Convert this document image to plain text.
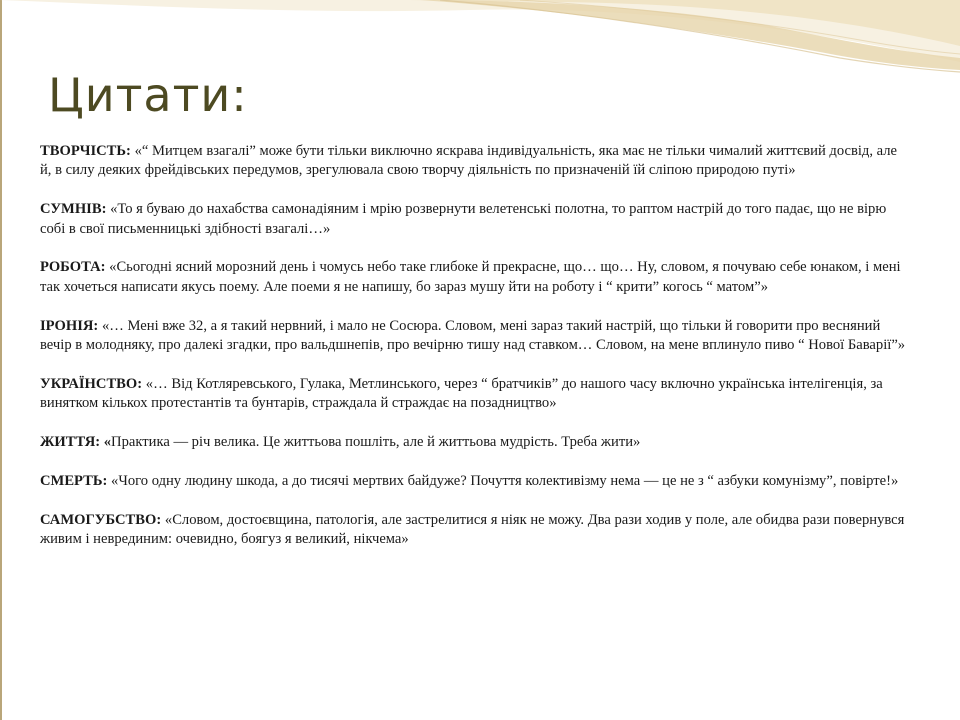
Цитати:

ТВОРЧІСТЬ: «“ Митцем взагалі” може бути тільки виключно яскрава індивідуальність, яка має не тільки чималий життєвий досвід, але й, в силу деяких фрейдівських передумов, зрегулювала свою творчу діяльність по призначеній їй сліпою природою путі»

СУМНІВ: «То я буваю до нахабства самонадіяним і мрію розвернути велетенські полотна, то раптом настрій до того падає, що не вірю собі в свої письменницькі здібності взагалі…»

РОБОТА: «Сьогодні ясний морозний день і чомусь небо таке глибоке й прекрасне, що… що… Ну, словом, я почуваю себе юнаком, і мені так хочеться написати якусь поему. Але поеми я не напишу, бо зараз мушу йти на роботу і “ крити” когось “ матом”»

ІРОНІЯ: «… Мені вже 32, а я такий нервний, і мало не Сосюра. Словом, мені зараз такий настрій, що тільки й говорити про весняний вечір в молодняку, про далекі згадки, про вальдшнепів, про вечірню тишу над ставком… Словом, на мене вплинуло пиво “ Нової Баварії”»

УКРАЇНСТВО: «… Від Котляревського, Гулака, Метлинського, через “ братчиків” до нашого часу включно українська інтелігенція, за винятком кількох протестантів та бунтарів, страждала й страждає на позадництво»

ЖИТТЯ: «Практика — річ велика. Це життьова пошліть, але й життьова мудрість. Треба жити»

СМЕРТЬ: «Чого одну людину шкода, а до тисячі мертвих байдуже? Почуття колективізму нема — це не з “ азбуки комунізму”, повірте!»

САМОГУБСТВО: «Словом, достоєвщина, патологія, але застрелитися я ніяк не можу. Два рази ходив у поле, але обидва рази повернувся живим і неврединим: очевидно, боягуз я великий, нікчема»
